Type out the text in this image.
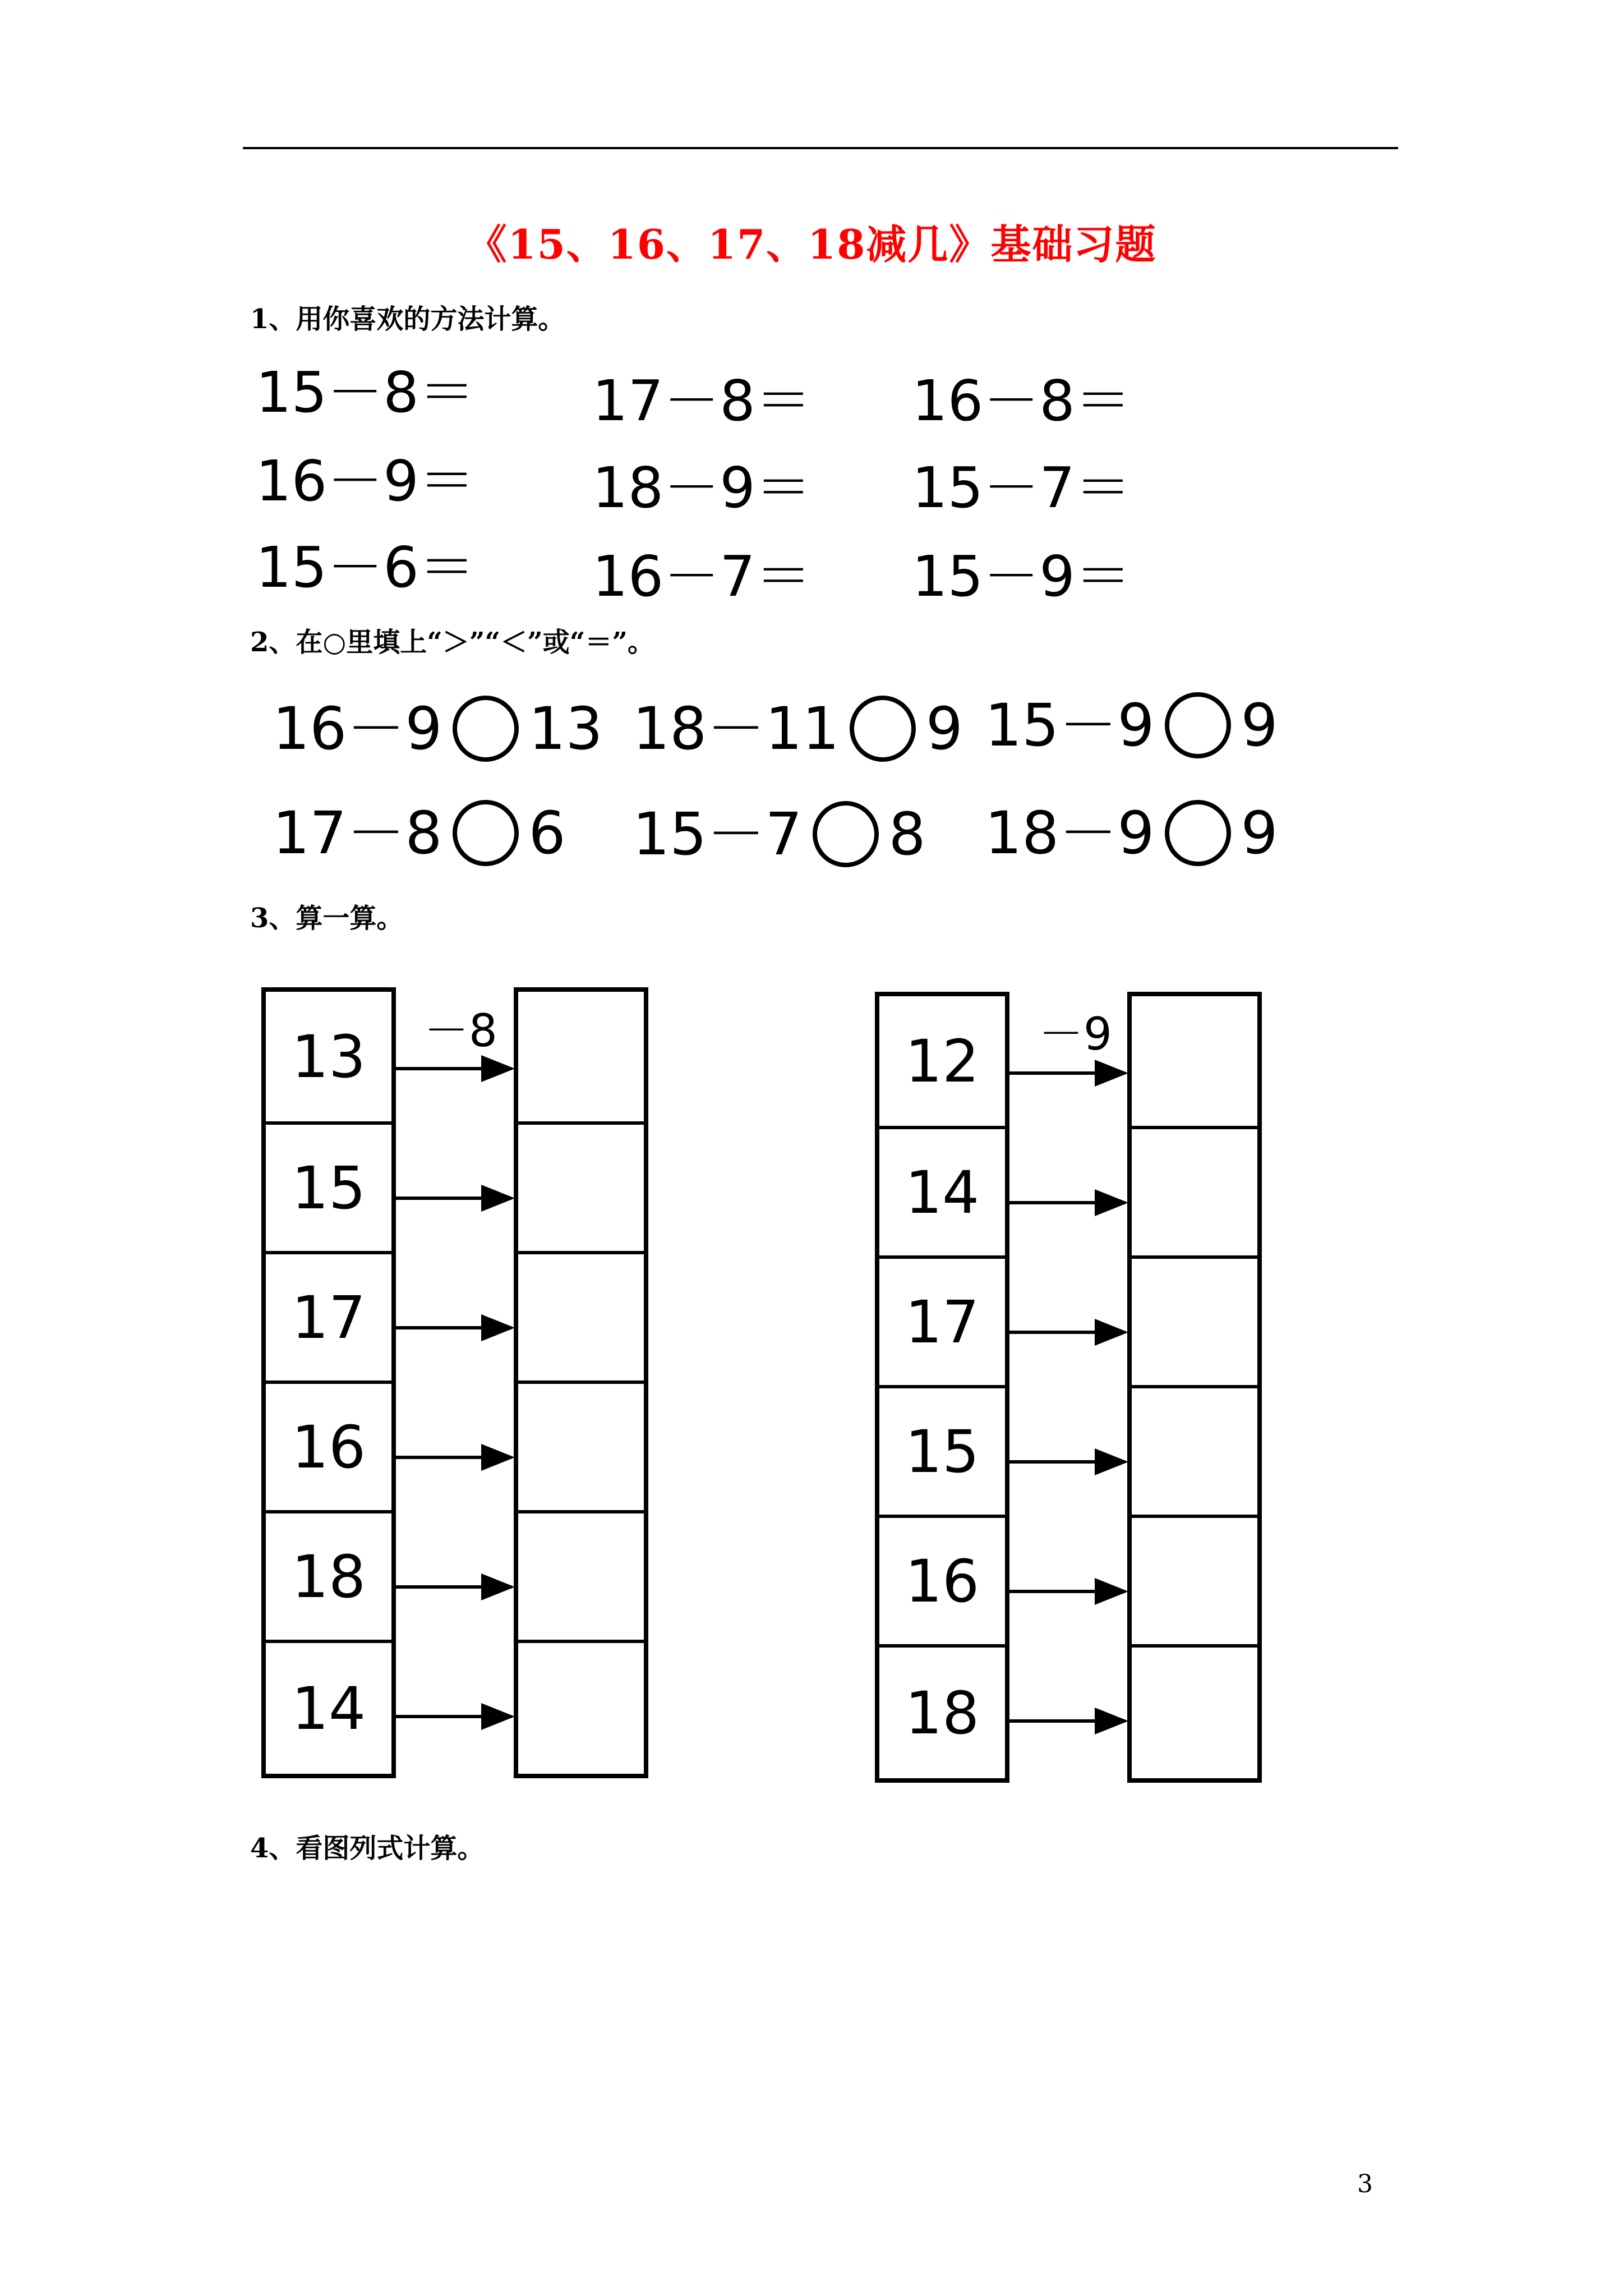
《15、16、17、18减几》基础习题
1、用你喜欢的方法计算。
15－8＝ 17－8＝ 16－8＝
16－9＝ 18－9＝ 15－7＝
15－6＝ 16－7＝ 15－9＝
2、在○里填上“＞”“＜”或“＝”。
16－9 13 18－11 9 15－9 9
17－8 6 15－7 8 18－9 9
3、算一算。
13
15
17
16
18
14
－8	12
14
17
15
16
18
－9
4、看图列式计算。
3
